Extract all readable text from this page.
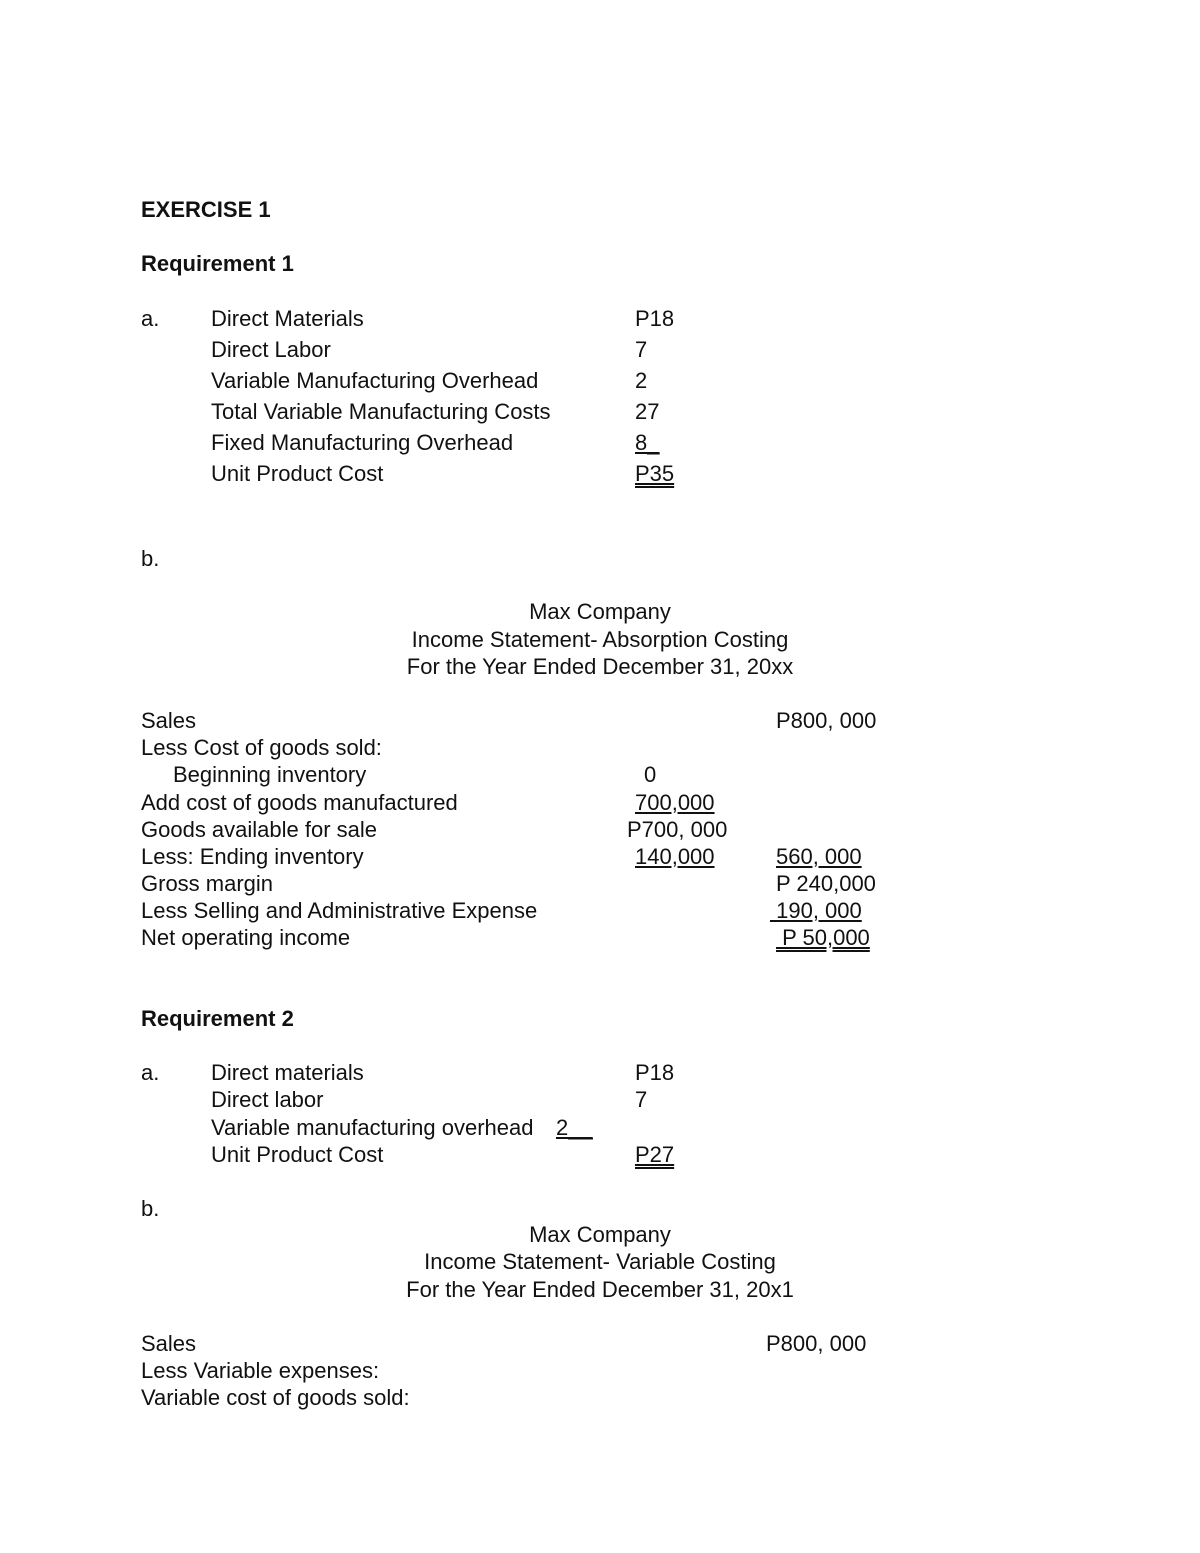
EXERCISE 1
Requirement 1
a. Direct Materials	P18
Direct Labor	7
Variable Manufacturing Overhead	2
Total Variable Manufacturing Costs	27
Fixed Manufacturing Overhead	8_
Unit Product Cost	P35
b.
Max Company
Income Statement- Absorption Costing
For the Year Ended December 31, 20xx
Sales	P800, 000
Less Cost of goods sold:
Beginning inventory	0
Add cost of goods manufactured	700,000
Goods available for sale	P700, 000
Less: Ending inventory	140,000	560, 000
Gross margin	P 240,000
Less Selling and Administrative Expense	190, 000
Net operating income	P 50,000
Requirement 2
a. Direct materials	P18
Direct labor	7
Variable manufacturing overhead 2__
Unit Product Cost	P27
b.
Max Company
Income Statement- Variable Costing
For the Year Ended December 31, 20x1
Sales	P800, 000
Less Variable expenses:
Variable cost of goods sold:
